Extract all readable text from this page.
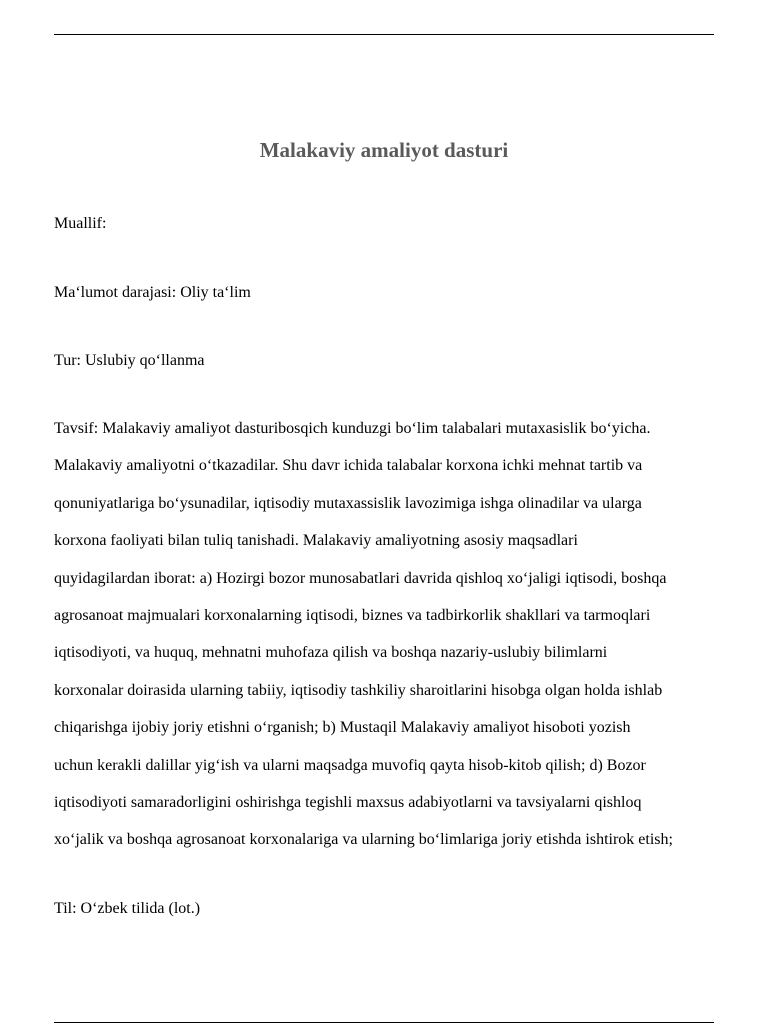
Malakaviy amaliyot dasturi

Muallif:

Maʻlumot darajasi: Oliy taʻlim

Tur: Uslubiy qoʻllanma

Tavsif: Malakaviy amaliyot dasturibosqich kunduzgi boʻlim talabalari mutaxasislik boʻyicha.
Malakaviy amaliyotni oʻtkazadilar. Shu davr ichida talabalar korxona ichki mehnat tartib va
qonuniyatlariga boʻysunadilar, iqtisodiy mutaxassislik lavozimiga ishga olinadilar va ularga
korxona faoliyati bilan tuliq tanishadi. Malakaviy amaliyotning asosiy maqsadlari
quyidagilardan iborat: a) Hozirgi bozor munosabatlari davrida qishloq xoʻjaligi iqtisodi, boshqa
agrosanoat majmualari korxonalarning iqtisodi, biznes va tadbirkorlik shakllari va tarmoqlari
iqtisodiyoti, va huquq, mehnatni muhofaza qilish va boshqa nazariy-uslubiy bilimlarni
korxonalar doirasida ularning tabiiy, iqtisodiy tashkiliy sharoitlarini hisobga olgan holda ishlab
chiqarishga ijobiy joriy etishni oʻrganish; b) Mustaqil Malakaviy amaliyot hisoboti yozish
uchun kerakli dalillar yigʻish va ularni maqsadga muvofiq qayta hisob-kitob qilish; d) Bozor
iqtisodiyoti samaradorligini oshirishga tegishli maxsus adabiyotlarni va tavsiyalarni qishloq
xoʻjalik va boshqa agrosanoat korxonalariga va ularning boʻlimlariga joriy etishda ishtirok etish;

Til: Oʻzbek tilida (lot.)
